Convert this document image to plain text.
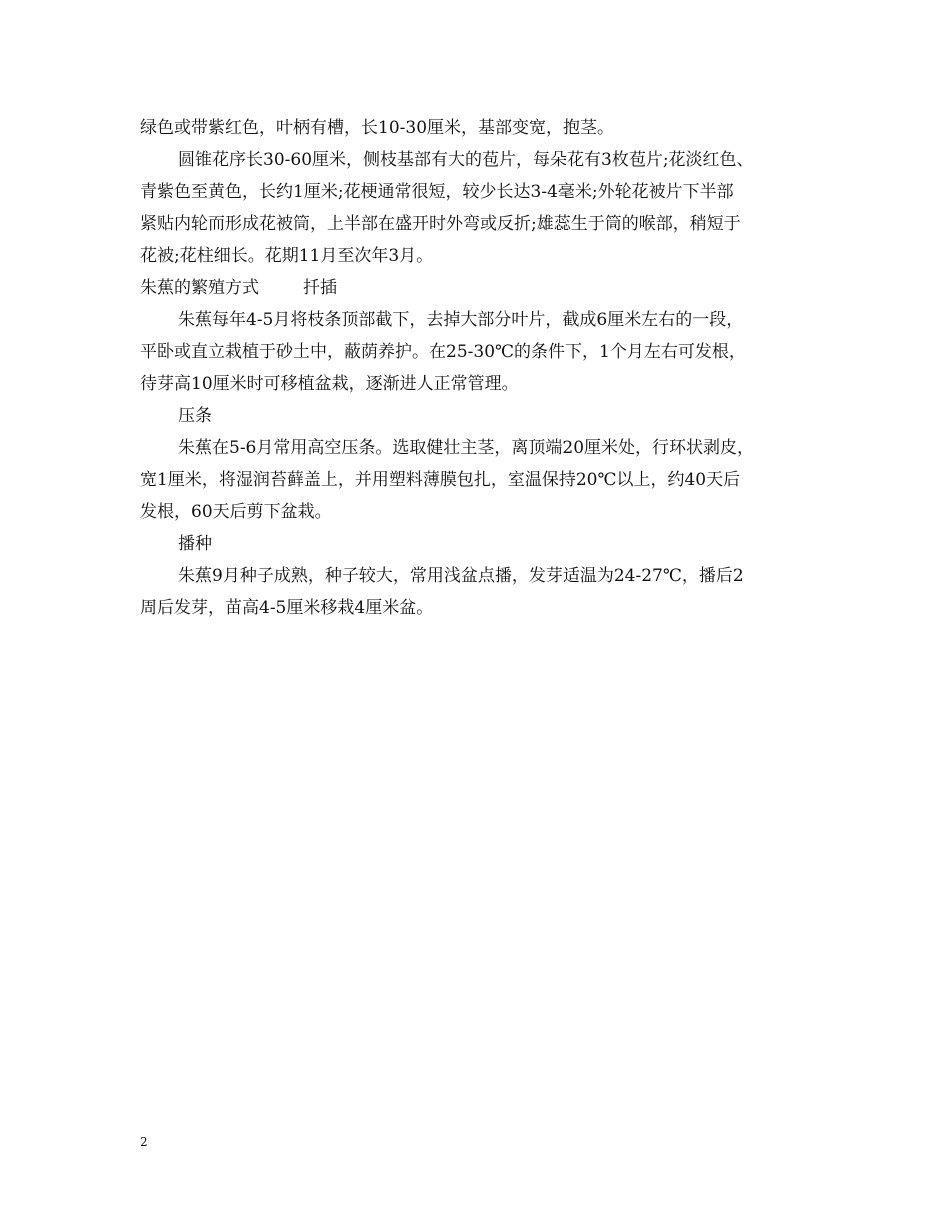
绿色或带紫红色，叶柄有槽，长10-30厘米，基部变宽，抱茎。
圆锥花序长30-60厘米，侧枝基部有大的苞片，每朵花有3枚苞片;花淡红色、
青紫色至黄色，长约1厘米;花梗通常很短，较少长达3-4毫米;外轮花被片下半部
紧贴内轮而形成花被筒，上半部在盛开时外弯或反折;雄蕊生于筒的喉部，稍短于
花被;花柱细长。花期11月至次年3月。
朱蕉的繁殖方式	扦插
朱蕉每年4-5月将枝条顶部截下，去掉大部分叶片，截成6厘米左右的一段，
平卧或直立栽植于砂土中，蔽荫养护。在25-30℃的条件下，1个月左右可发根，
待芽高10厘米时可移植盆栽，逐渐进人正常管理。
压条
朱蕉在5-6月常用高空压条。选取健壮主茎，离顶端20厘米处，行环状剥皮，
宽1厘米，将湿润苔藓盖上，并用塑料薄膜包扎，室温保持20℃以上，约40天后
发根，60天后剪下盆栽。
播种
朱蕉9月种子成熟，种子较大，常用浅盆点播，发芽适温为24-27℃，播后2
周后发芽，苗高4-5厘米移栽4厘米盆。
2
